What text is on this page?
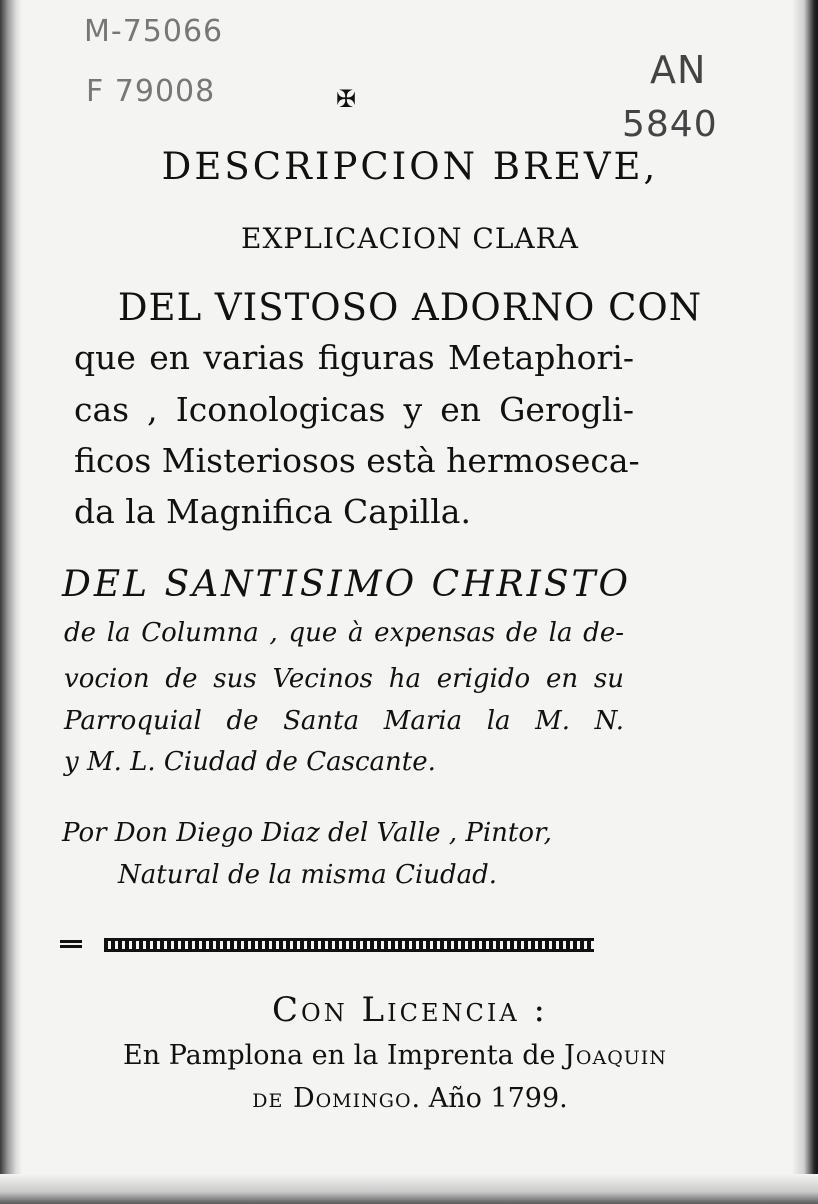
M-75066
F 79008	AN
5840
✠
DESCRIPCION BREVE,
EXPLICACION CLARA
DEL VISTOSO ADORNO CON
que en varias figuras Metaphori-
cas , Iconologicas y en Gerogli-
ficos Misteriosos està hermoseca-
da la Magnifica Capilla.
DEL SANTISIMO CHRISTO
de la Columna , que à expensas de la de-
vocion de sus Vecinos ha erigido en su
Parroquial de Santa Maria la M. N.
y M. L. Ciudad de Cascante.
Por Don Diego Diaz del Valle , Pintor,
Natural de la misma Ciudad.
Con Licencia :
En Pamplona en la Imprenta de Joaquin
de Domingo. Año 1799.
